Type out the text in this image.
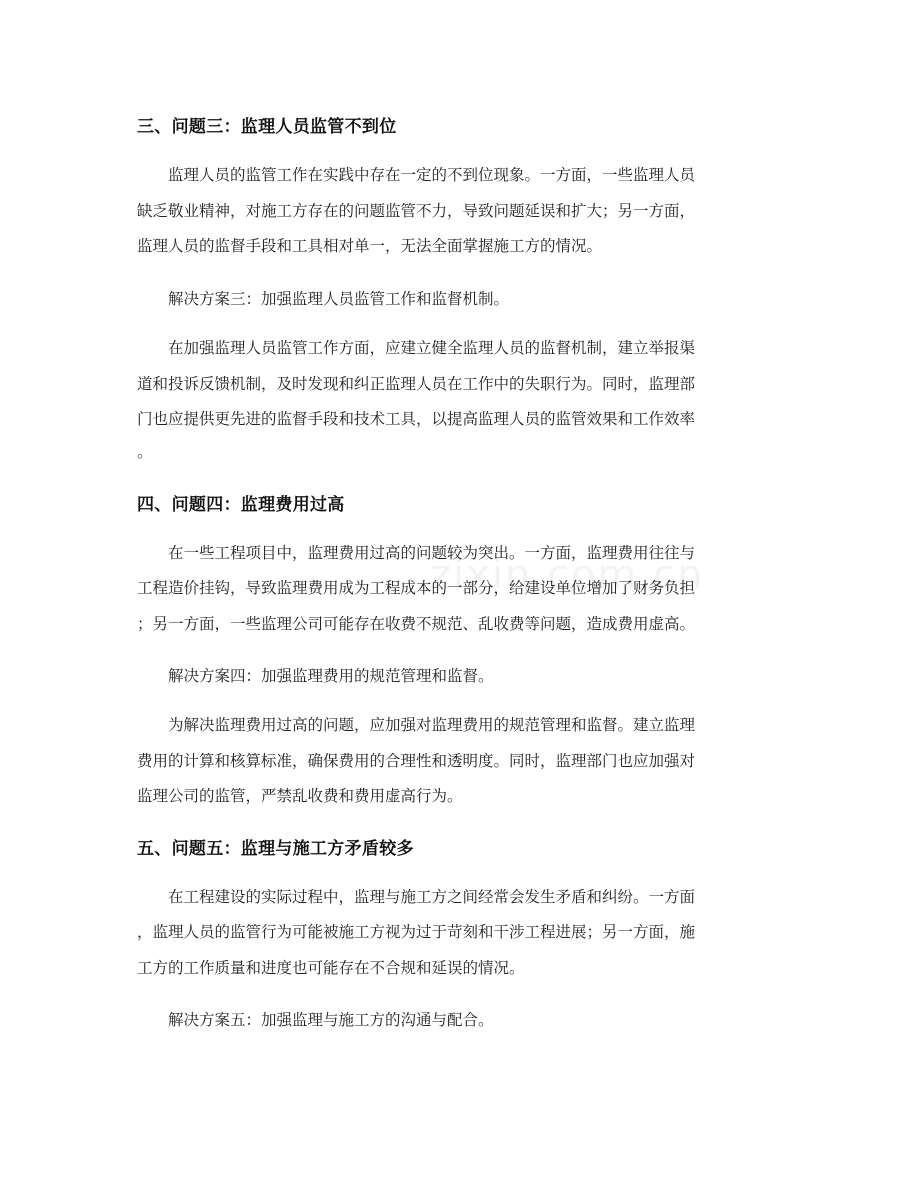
三、问题三：监理人员监管不到位
监理人员的监管工作在实践中存在一定的不到位现象。一方面，一些监理人员
缺乏敬业精神，对施工方存在的问题监管不力，导致问题延误和扩大；另一方面，
监理人员的监督手段和工具相对单一，无法全面掌握施工方的情况。
解决方案三：加强监理人员监管工作和监督机制。
在加强监理人员监管工作方面，应建立健全监理人员的监督机制，建立举报渠
道和投诉反馈机制，及时发现和纠正监理人员在工作中的失职行为。同时，监理部
门也应提供更先进的监督手段和技术工具，以提高监理人员的监管效果和工作效率
。
四、问题四：监理费用过高
在一些工程项目中，监理费用过高的问题较为突出。一方面，监理费用往往与
工程造价挂钩，导致监理费用成为工程成本的一部分，给建设单位增加了财务负担
；另一方面，一些监理公司可能存在收费不规范、乱收费等问题，造成费用虚高。
解决方案四：加强监理费用的规范管理和监督。
为解决监理费用过高的问题，应加强对监理费用的规范管理和监督。建立监理
费用的计算和核算标准，确保费用的合理性和透明度。同时，监理部门也应加强对
监理公司的监管，严禁乱收费和费用虚高行为。
五、问题五：监理与施工方矛盾较多
在工程建设的实际过程中，监理与施工方之间经常会发生矛盾和纠纷。一方面
，监理人员的监管行为可能被施工方视为过于苛刻和干涉工程进展；另一方面，施
工方的工作质量和进度也可能存在不合规和延误的情况。
解决方案五：加强监理与施工方的沟通与配合。
